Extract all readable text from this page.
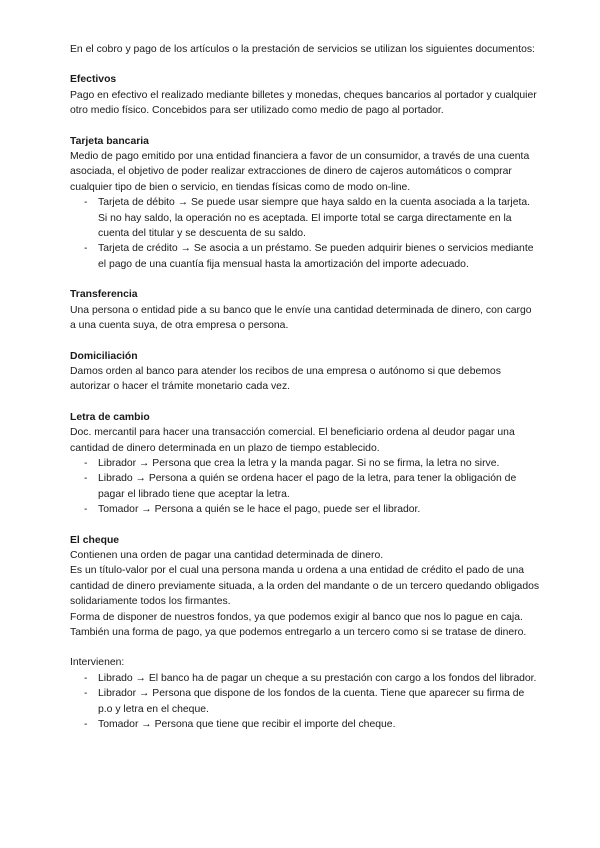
En el cobro y pago de los artículos o la prestación de servicios se utilizan los siguientes documentos:

Efectivos

Pago en efectivo el realizado mediante billetes y monedas, cheques bancarios al portador y cualquier otro medio físico. Concebidos para ser utilizado como medio de pago al portador.

Tarjeta bancaria

Medio de pago emitido por una entidad financiera a favor de un consumidor, a través de una cuenta asociada, el objetivo de poder realizar extracciones de dinero de cajeros automáticos o comprar cualquier tipo de bien o servicio, en tiendas físicas como de modo on-line.

- Tarjeta de débito → Se puede usar siempre que haya saldo en la cuenta asociada a la tarjeta. Si no hay saldo, la operación no es aceptada. El importe total se carga directamente en la cuenta del titular y se descuenta de su saldo.
- Tarjeta de crédito → Se asocia a un préstamo. Se pueden adquirir bienes o servicios mediante el pago de una cuantía fija mensual hasta la amortización del importe adecuado.

Transferencia

Una persona o entidad pide a su banco que le envíe una cantidad determinada de dinero, con cargo a una cuenta suya, de otra empresa o persona.

Domiciliación

Damos orden al banco para atender los recibos de una empresa o autónomo si que debemos autorizar o hacer el trámite monetario cada vez.

Letra de cambio

Doc. mercantil para hacer una transacción comercial. El beneficiario ordena al deudor pagar una cantidad de dinero determinada en un plazo de tiempo establecido.

- Librador → Persona que crea la letra y la manda pagar. Si no se firma, la letra no sirve.
- Librado → Persona a quién se ordena hacer el pago de la letra, para tener la obligación de pagar el librado tiene que aceptar la letra.
- Tomador → Persona a quién se le hace el pago, puede ser el librador.

El cheque

Contienen una orden de pagar una cantidad determinada de dinero.

Es un título-valor por el cual una persona manda u ordena a una entidad de crédito el pado de una cantidad de dinero previamente situada, a la orden del mandante o de un tercero quedando obligados solidariamente todos los firmantes.

Forma de disponer de nuestros fondos, ya que podemos exigir al banco que nos lo pague en caja. También una forma de pago, ya que podemos entregarlo a un tercero como si se tratase de dinero.

Intervienen:

- Librado → El banco ha de pagar un cheque a su prestación con cargo a los fondos del librador.
- Librador → Persona que dispone de los fondos de la cuenta. Tiene que aparecer su firma de p.o y letra en el cheque.
- Tomador → Persona que tiene que recibir el importe del cheque.
